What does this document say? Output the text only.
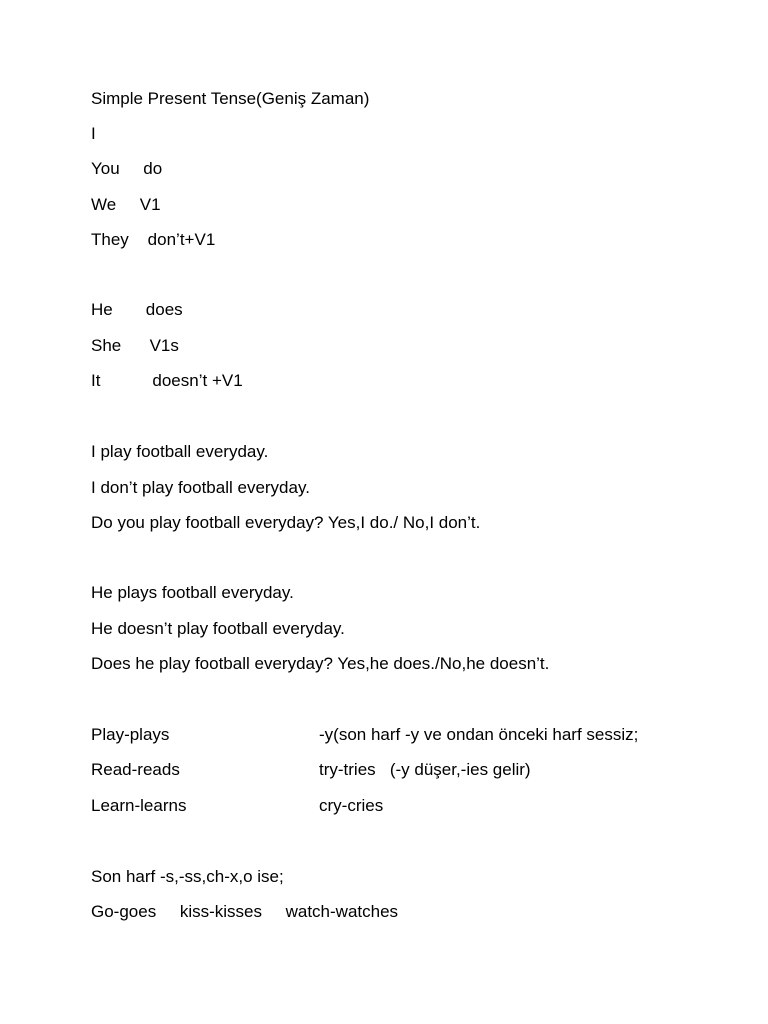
Simple Present Tense(Geniş Zaman)
I
You     do
We     V1
They    don’t+V1
He       does
She      V1s
It           doesn’t +V1
I play football everyday.
I don’t play football everyday.
Do you play football everyday? Yes,I do./ No,I don’t.
He plays football everyday.
He doesn’t play football everyday.
Does he play football everyday? Yes,he does./No,he doesn’t.
Play-plays	-y(son harf -y ve ondan önceki harf sessiz;
Read-reads	try-tries   (-y düşer,-ies gelir)
Learn-learns	cry-cries
Son harf -s,-ss,ch-x,o ise;
Go-goes     kiss-kisses     watch-watches
